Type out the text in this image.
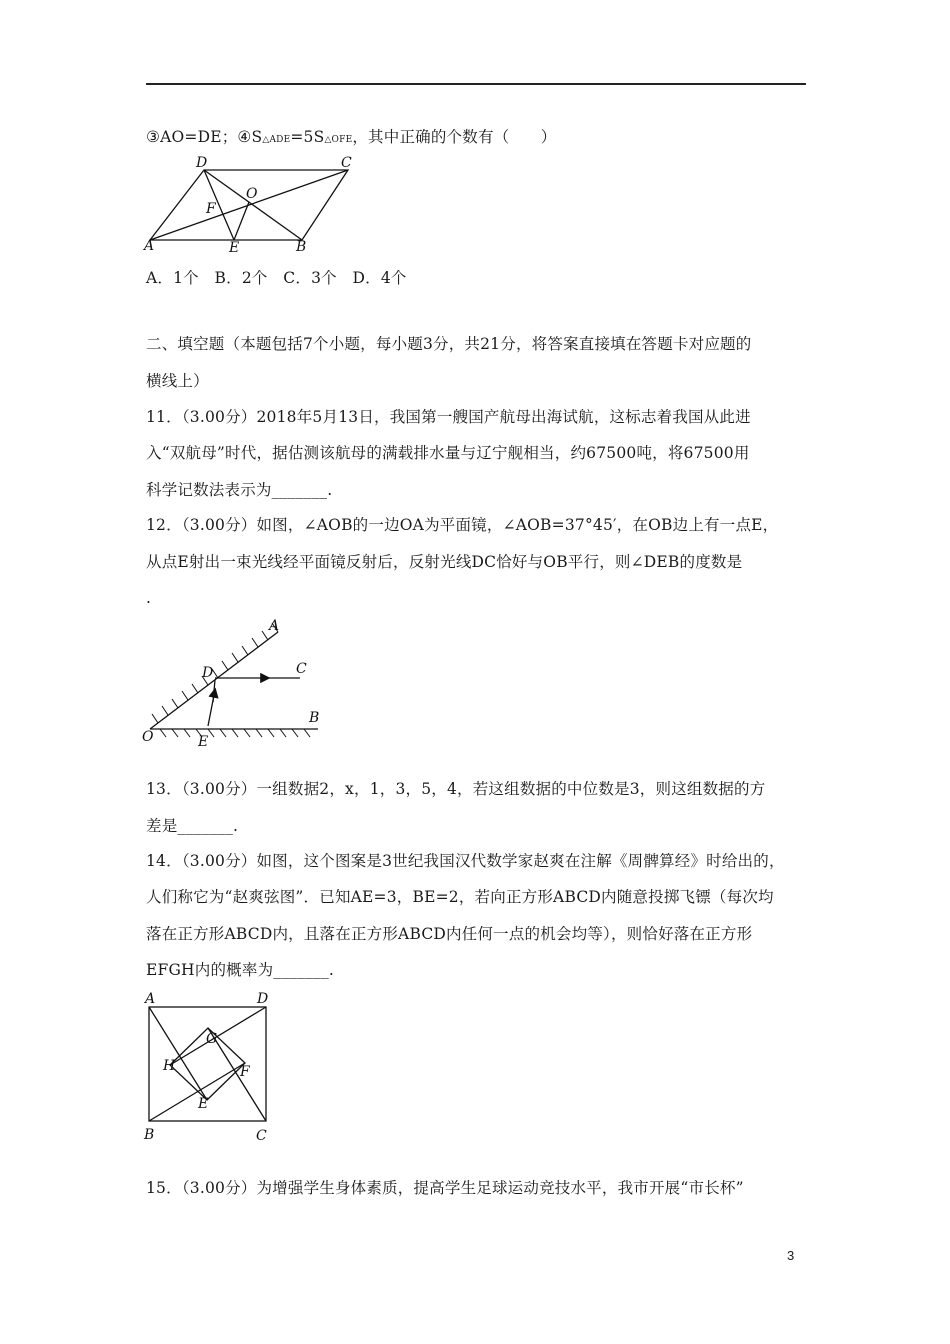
③AO=DE；④S△ADE=5S△OFE，其中正确的个数有（　　）
D	C
O
F
A	E	B
A．1个　B．2个　C．3个　D．4个
二、填空题（本题包括7个小题，每小题3分，共21分，将答案直接填在答题卡对应题的
横线上）
11．（3.00分）2018年5月13日，我国第一艘国产航母出海试航，这标志着我国从此进
入“双航母”时代，据估测该航母的满载排水量与辽宁舰相当，约67500吨，将67500用
科学记数法表示为_______.
12．（3.00分）如图，∠AOB的一边OA为平面镜，∠AOB=37°45′，在OB边上有一点E，
从点E射出一束光线经平面镜反射后，反射光线DC恰好与OB平行，则∠DEB的度数是
.
A
C
D
B
O	E
13．（3.00分）一组数据2，x，1，3，5，4，若这组数据的中位数是3，则这组数据的方
差是_______.
14．（3.00分）如图，这个图案是3世纪我国汉代数学家赵爽在注解《周髀算经》时给出的，
人们称它为“赵爽弦图”．已知AE=3，BE=2，若向正方形ABCD内随意投掷飞镖（每次均
落在正方形ABCD内，且落在正方形ABCD内任何一点的机会均等），则恰好落在正方形
EFGH内的概率为_______.
A	D
G
H	F
E
B	C
15．（3.00分）为增强学生身体素质，提高学生足球运动竞技水平，我市开展“市长杯”
3
